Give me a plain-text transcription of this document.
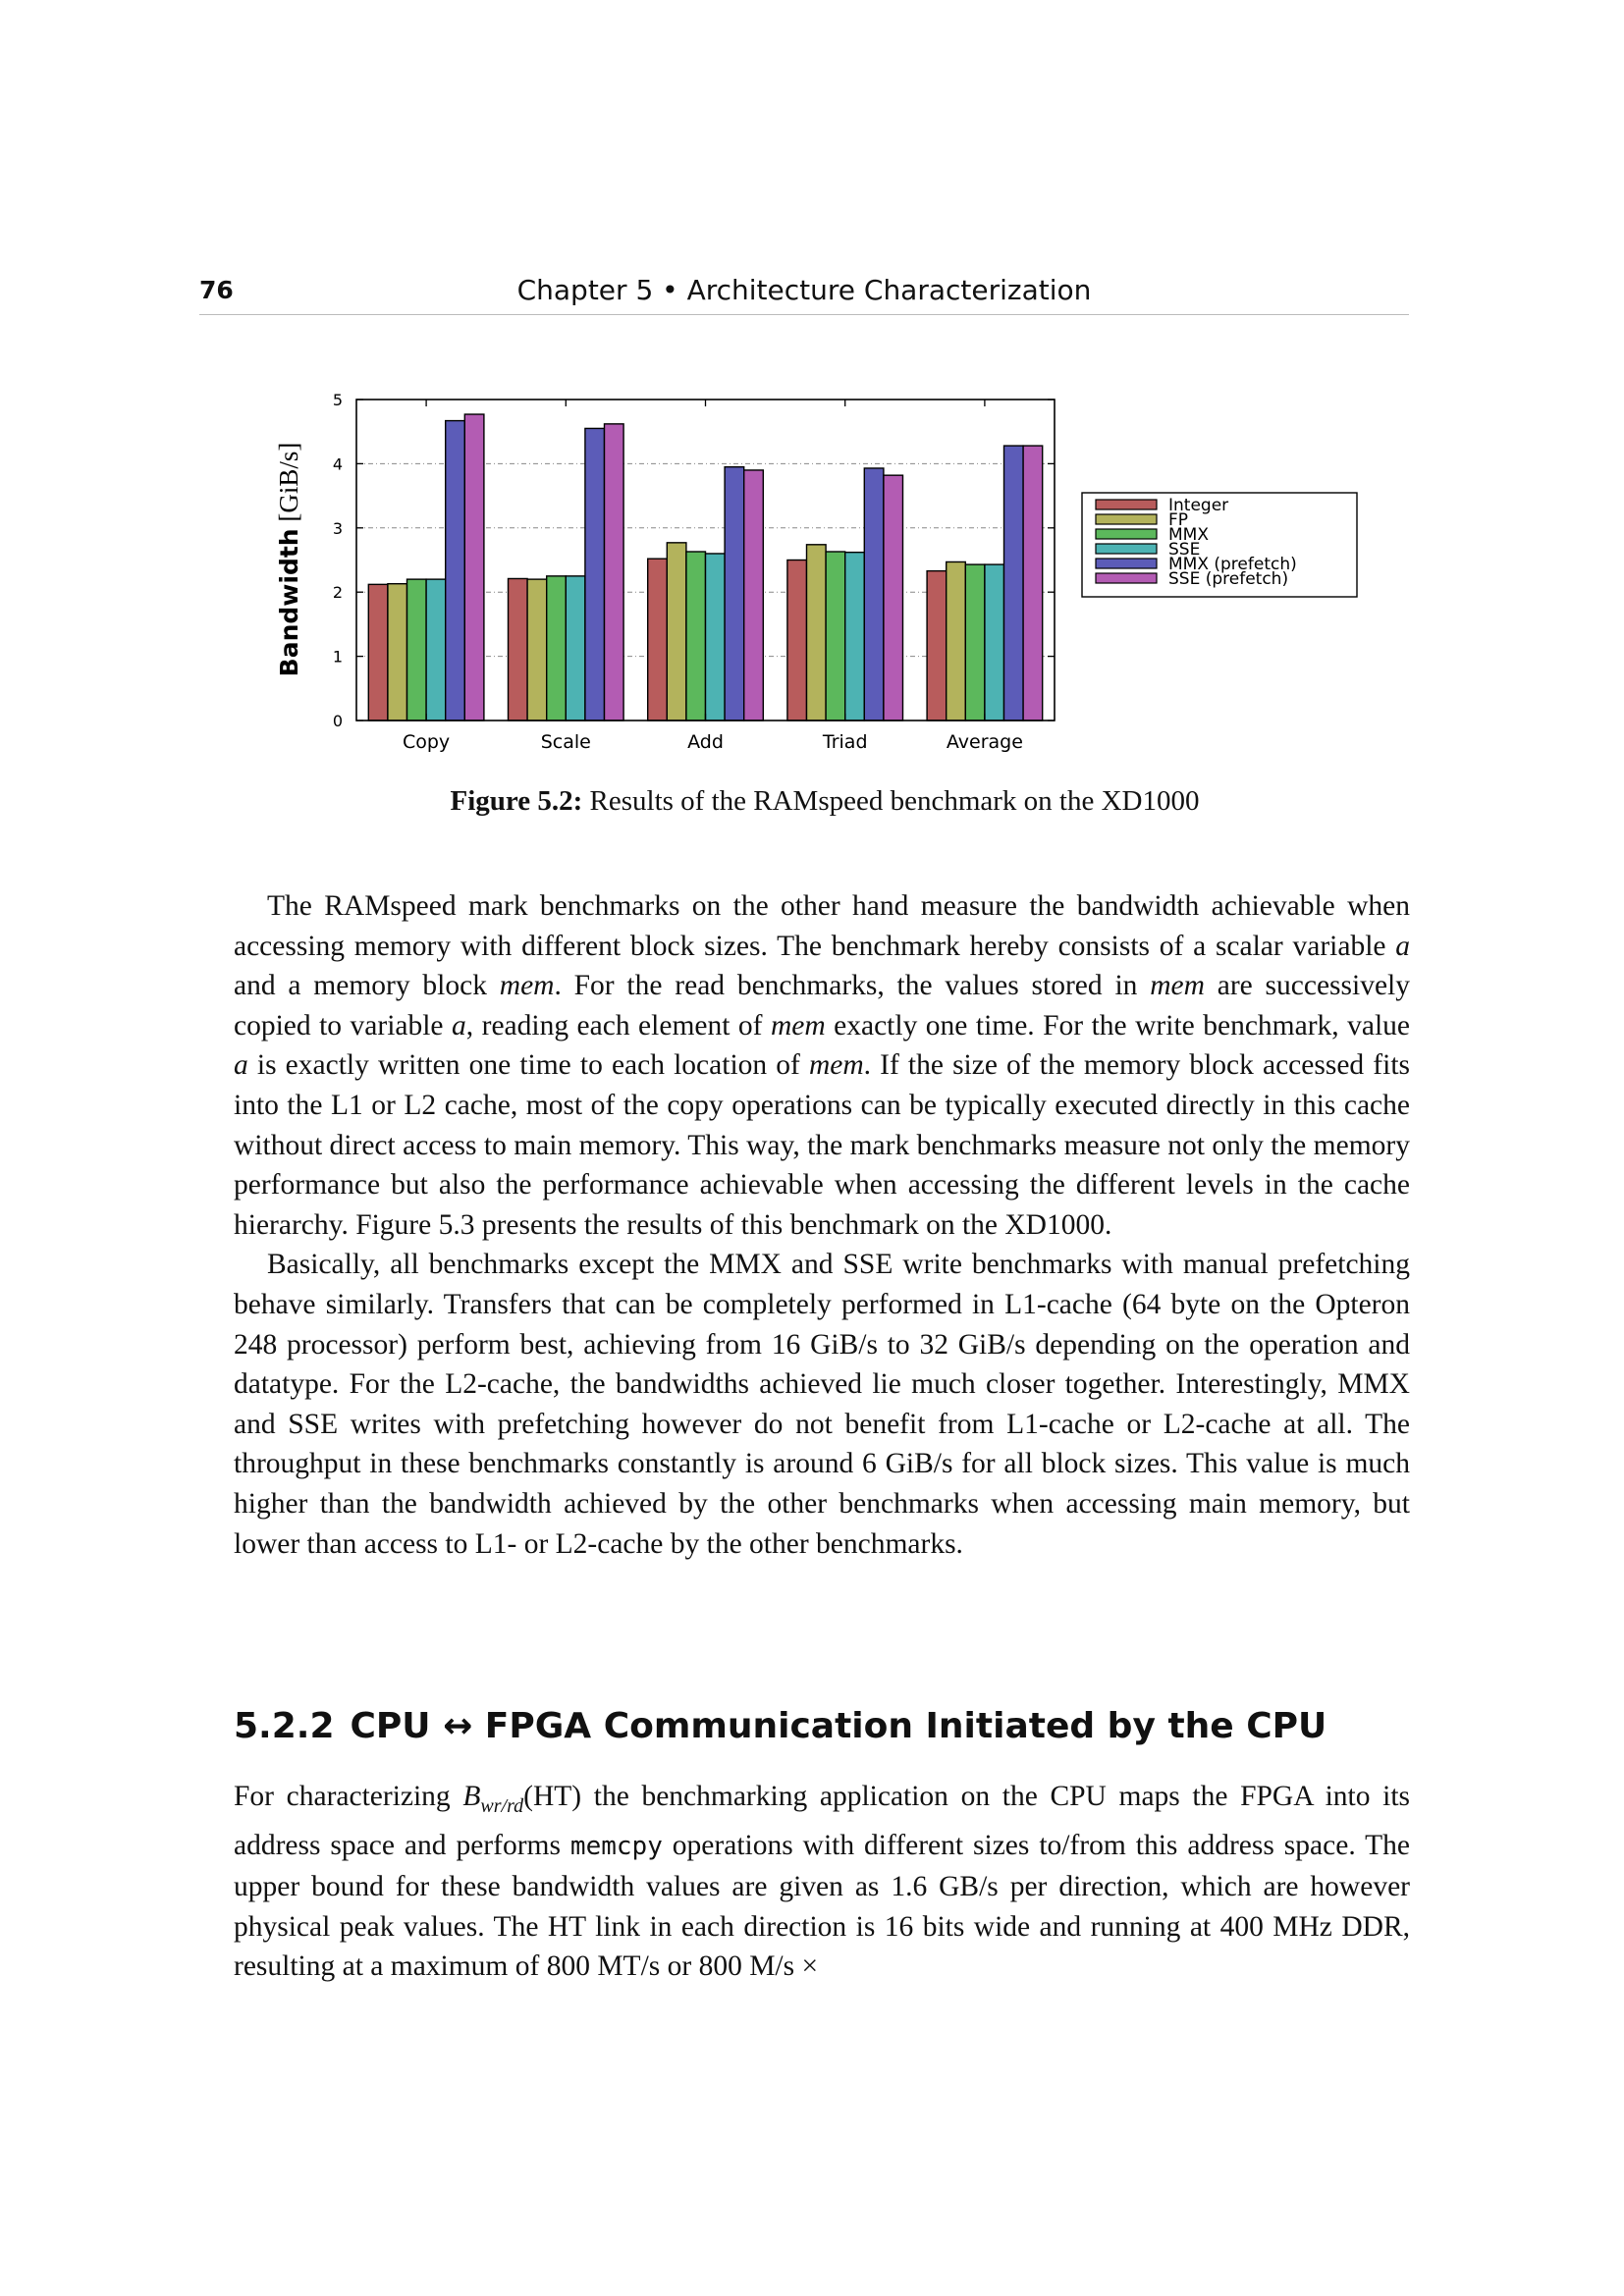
76	Chapter 5 • Architecture Characterization
Bandwidth [GiB/s]
0
1
2
3
4
5
Copy	Scale	Add	Triad	Average
Integer
FP
MMX
SSE
MMX (prefetch)
SSE (prefetch)
Figure 5.2: Results of the RAMspeed benchmark on the XD1000

The RAMspeed mark benchmarks on the other hand measure the bandwidth achievable when accessing memory with different block sizes. The benchmark hereby consists of a scalar variable a and a memory block mem. For the read benchmarks, the values stored in mem are successively copied to variable a, reading each element of mem exactly one time. For the write benchmark, value a is exactly written one time to each location of mem. If the size of the memory block accessed fits into the L1 or L2 cache, most of the copy operations can be typically executed directly in this cache without direct access to main memory. This way, the mark benchmarks measure not only the memory performance but also the performance achievable when accessing the different levels in the cache hierarchy. Figure 5.3 presents the results of this benchmark on the XD1000.

Basically, all benchmarks except the MMX and SSE write benchmarks with manual prefetching behave similarly. Transfers that can be completely performed in L1-cache (64 byte on the Opteron 248 processor) perform best, achieving from 16 GiB/s to 32 GiB/s depending on the operation and datatype. For the L2-cache, the bandwidths achieved lie much closer together. Interestingly, MMX and SSE writes with prefetching however do not benefit from L1-cache or L2-cache at all. The throughput in these benchmarks constantly is around 6 GiB/s for all block sizes. This value is much higher than the bandwidth achieved by the other benchmarks when accessing main memory, but lower than access to L1- or L2-cache by the other benchmarks.

5.2.2 CPU ↔ FPGA Communication Initiated by the CPU

For characterizing $B_{wr/rd}(HT)$ the benchmarking application on the CPU maps the FPGA into its address space and performs memcpy operations with different sizes to/from this address space. The upper bound for these bandwidth values are given as 1.6 GB/s per direction, which are however physical peak values. The HT link in each direction is 16 bits wide and running at 400 MHz DDR, resulting at a maximum of 800 MT/s or 800 M/s ×
